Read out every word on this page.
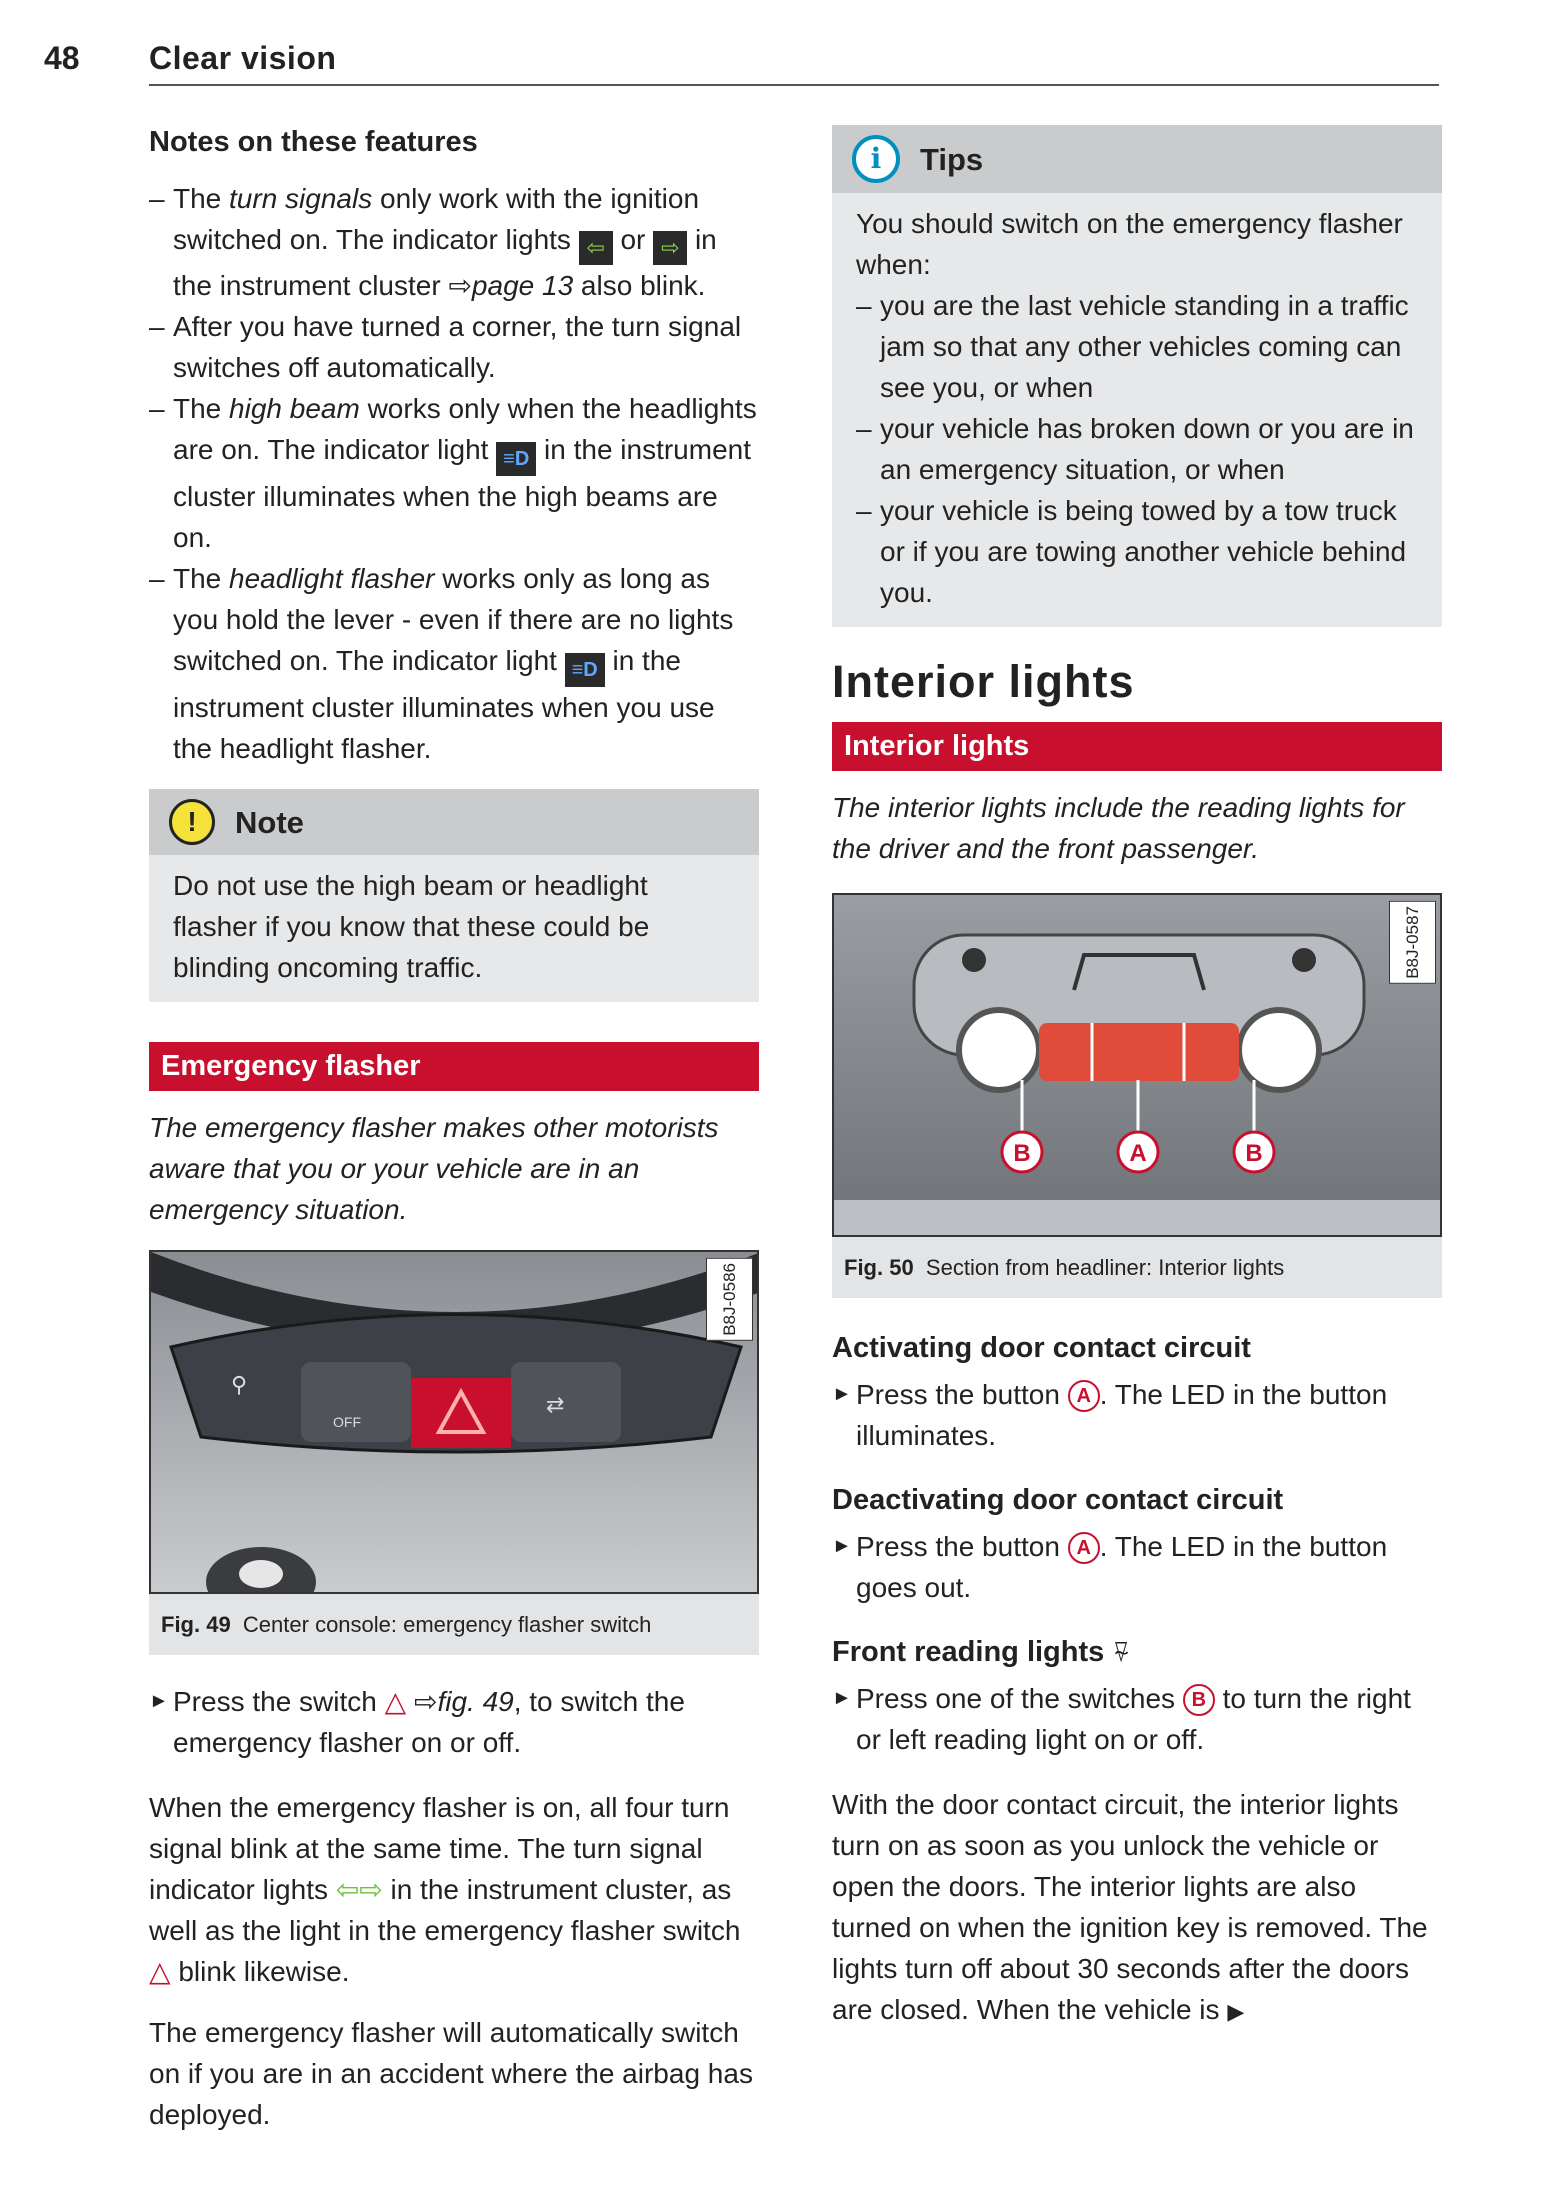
48 Clear vision
Notes on these features

– The turn signals only work with the ignition switched on. The indicator lights ⇦ or ⇨ in the instrument cluster ⇨page 13 also blink.

– After you have turned a corner, the turn signal switches off automatically.

– The high beam works only when the headlights are on. The indicator light ≡D in the instrument cluster illuminates when the high beams are on.

– The headlight flasher works only as long as you hold the lever - even if there are no lights switched on. The indicator light ≡D in the instrument cluster illuminates when you use the headlight flasher.

!	Note
Do not use the high beam or headlight flasher if you know that these could be blinding oncoming traffic.
Emergency flasher

The emergency flasher makes other motorists aware that you or your vehicle are in an emergency situation.

⚲
OFF
⇄
B8J-0586
Fig. 49 Center console: emergency flasher switch

► Press the switch △ ⇨fig. 49, to switch the emergency flasher on or off.

When the emergency flasher is on, all four turn signal blink at the same time. The turn signal indicator lights ⇦⇨ in the instrument cluster, as well as the light in the emergency flasher switch △ blink likewise.

The emergency flasher will automatically switch on if you are in an accident where the airbag has deployed.

i	Tips

You should switch on the emergency flasher when:

– you are the last vehicle standing in a traffic jam so that any other vehicles coming can see you, or when

– your vehicle has broken down or you are in an emergency situation, or when

– your vehicle is being towed by a tow truck or if you are towing another vehicle behind you.

Interior lights
Interior lights

The interior lights include the reading lights for the driver and the front passenger.

B	A	B
B8J-0587
Fig. 50 Section from headliner: Interior lights
Activating door contact circuit

► Press the button A . The LED in the button illuminates.

Deactivating door contact circuit

► Press the button A . The LED in the button goes out.

Front reading lights ⍫

► Press one of the switches B to turn the right or left reading light on or off.

With the door contact circuit, the interior lights turn on as soon as you unlock the vehicle or open the doors. The interior lights are also turned on when the ignition key is removed. The lights turn off about 30 seconds after the doors are closed. When the vehicle is ▶
